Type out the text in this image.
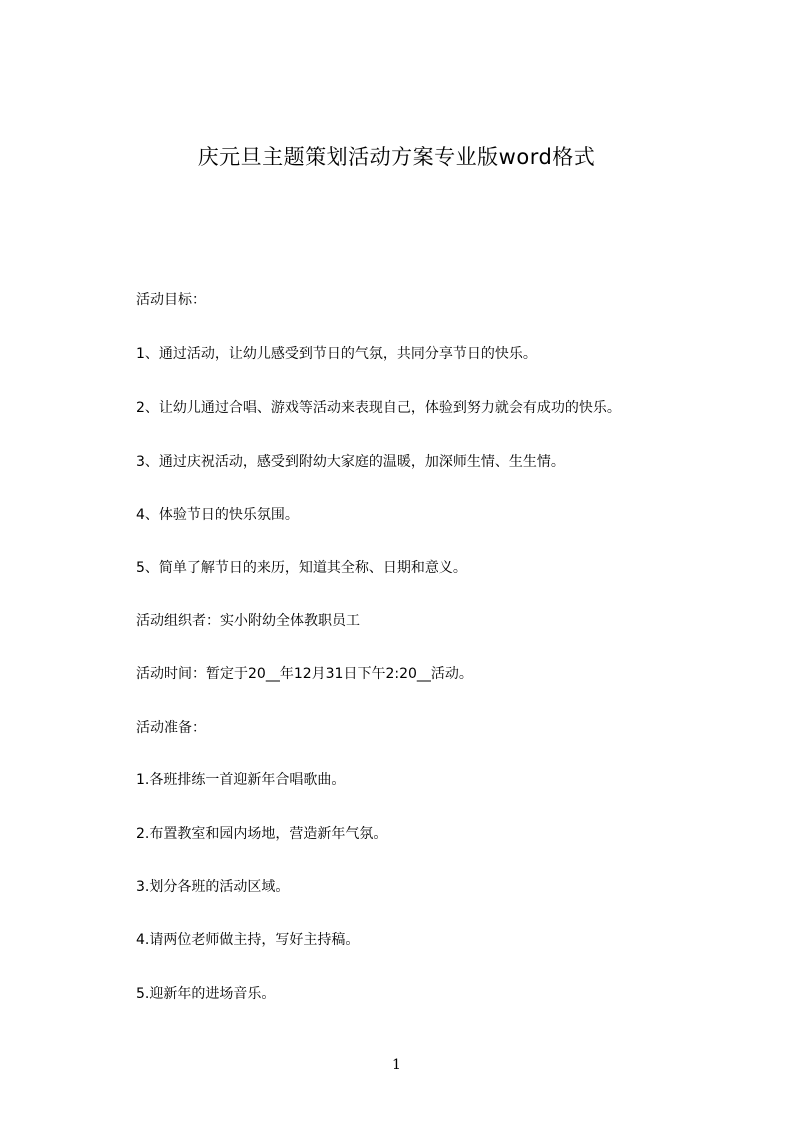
庆元旦主题策划活动方案专业版word格式
活动目标：
1、通过活动，让幼儿感受到节日的气氛，共同分享节日的快乐。
2、让幼儿通过合唱、游戏等活动来表现自己，体验到努力就会有成功的快乐。
3、通过庆祝活动，感受到附幼大家庭的温暖，加深师生情、生生情。
4、体验节日的快乐氛围。
5、简单了解节日的来历，知道其全称、日期和意义。
活动组织者：实小附幼全体教职员工
活动时间：暂定于20__年12月31日下午2:20__活动。
活动准备：
1.各班排练一首迎新年合唱歌曲。
2.布置教室和园内场地，营造新年气氛。
3.划分各班的活动区域。
4.请两位老师做主持，写好主持稿。
5.迎新年的进场音乐。
1
